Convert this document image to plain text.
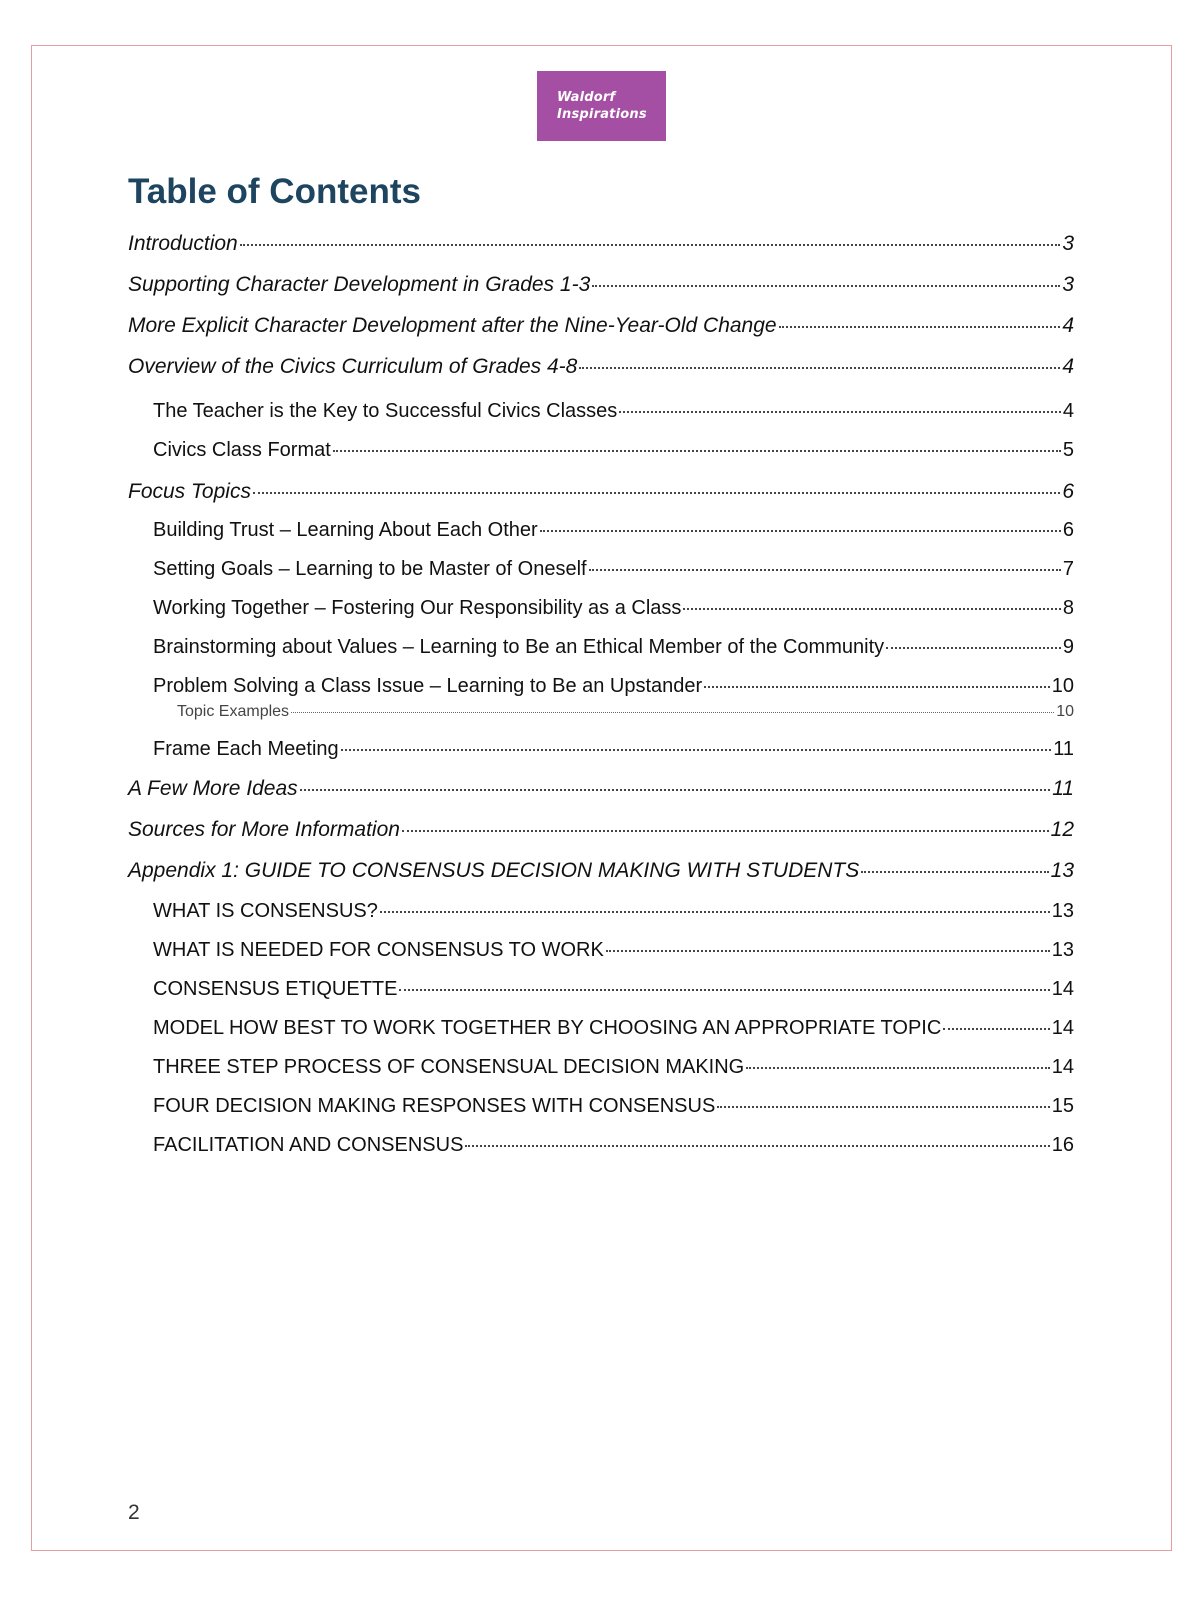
Waldorf
Inspirations
Table of Contents
Introduction	3
Supporting Character Development in Grades 1-3	3
More Explicit Character Development after the Nine-Year-Old Change	4
Overview of the Civics Curriculum of Grades 4-8	4
The Teacher is the Key to Successful Civics Classes	4
Civics Class Format	5
Focus Topics	6
Building Trust – Learning About Each Other	6
Setting Goals – Learning to be Master of Oneself	7
Working Together – Fostering Our Responsibility as a Class	8
Brainstorming about Values – Learning to Be an Ethical Member of the Community	9
Problem Solving a Class Issue – Learning to Be an Upstander	10
Topic Examples	10
Frame Each Meeting	11
A Few More Ideas	11
Sources for More Information	12
Appendix 1: GUIDE TO CONSENSUS DECISION MAKING WITH STUDENTS	13
WHAT IS CONSENSUS?	13
WHAT IS NEEDED FOR CONSENSUS TO WORK	13
CONSENSUS ETIQUETTE	14
MODEL HOW BEST TO WORK TOGETHER BY CHOOSING AN APPROPRIATE TOPIC	14
THREE STEP PROCESS OF CONSENSUAL DECISION MAKING	14
FOUR DECISION MAKING RESPONSES WITH CONSENSUS	15
FACILITATION AND CONSENSUS	16
2
